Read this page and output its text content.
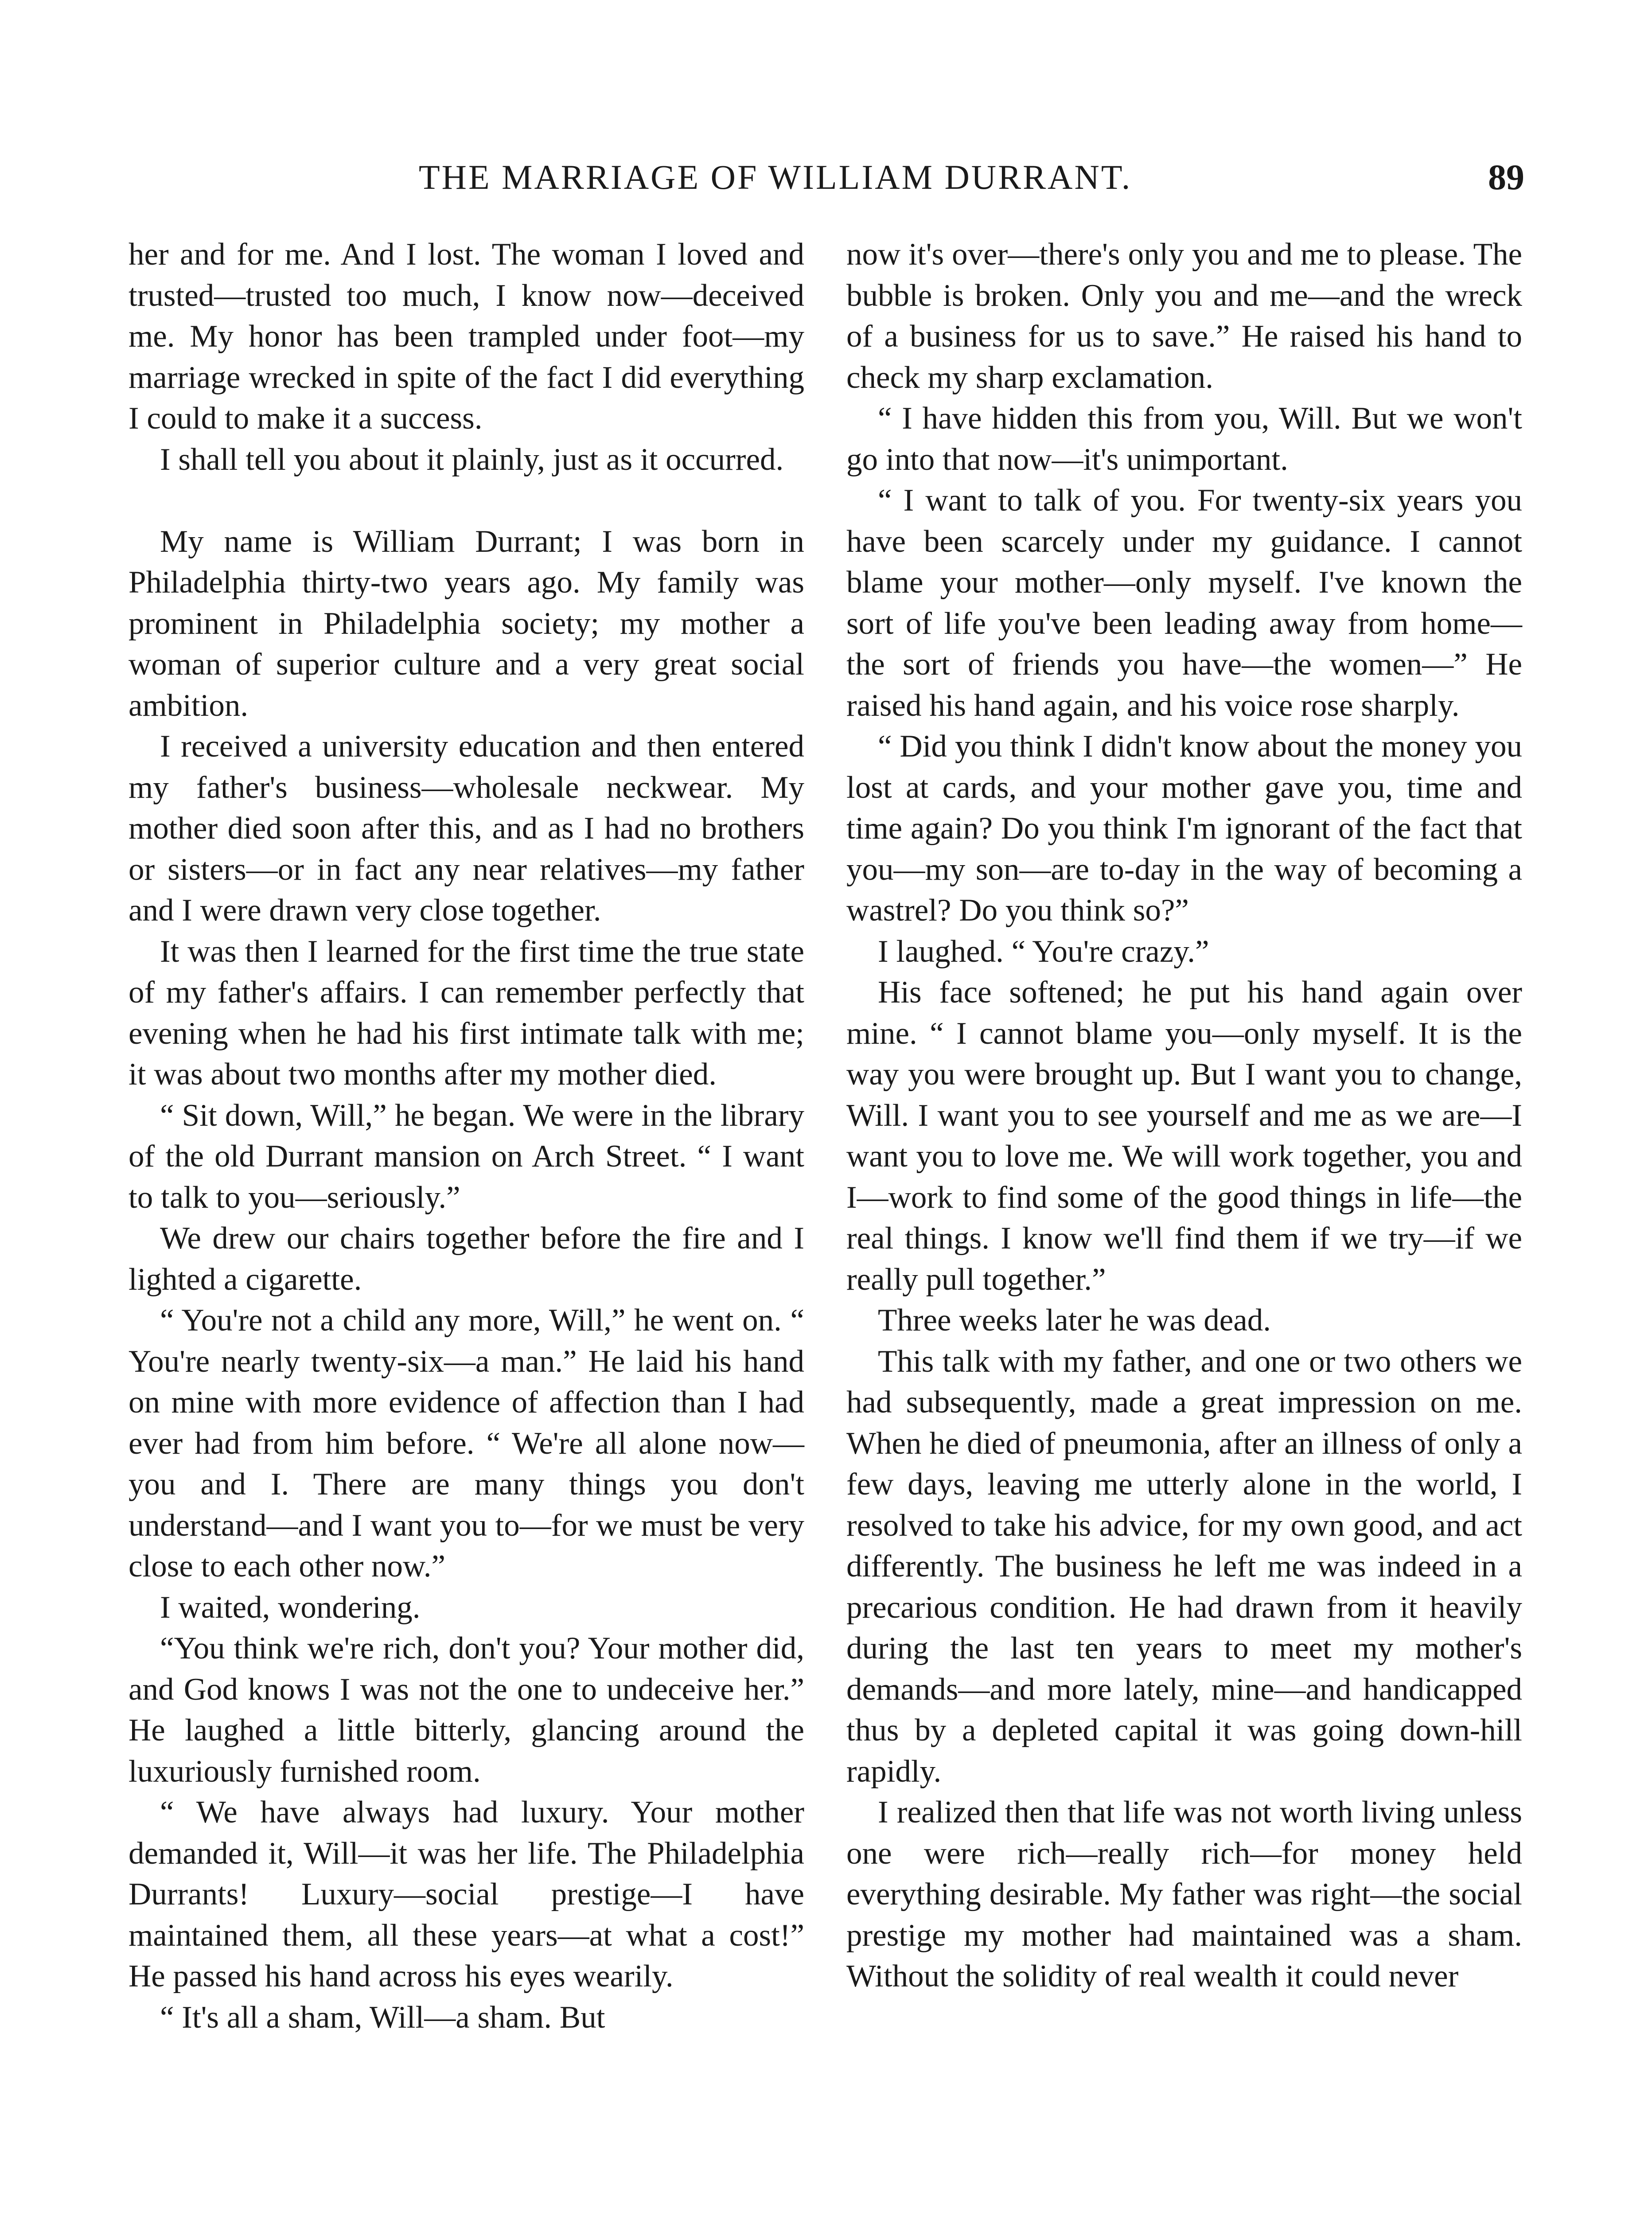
THE MARRIAGE OF WILLIAM DURRANT.	89

her and for me. And I lost. The woman I loved and trusted—trusted too much, I know now—deceived me. My honor has been trampled under foot—my marriage wrecked in spite of the fact I did everything I could to make it a success.

I shall tell you about it plainly, just as it occurred.

My name is William Durrant; I was born in Philadelphia thirty-two years ago. My family was prominent in Philadelphia society; my mother a woman of superior culture and a very great social ambition.

I received a university education and then entered my father's business—wholesale neckwear. My mother died soon after this, and as I had no brothers or sisters—or in fact any near relatives—my father and I were drawn very close together.

It was then I learned for the first time the true state of my father's affairs. I can remember perfectly that evening when he had his first intimate talk with me; it was about two months after my mother died.

“ Sit down, Will,” he began. We were in the library of the old Durrant mansion on Arch Street. “ I want to talk to you—seriously.”

We drew our chairs together before the fire and I lighted a cigarette.

“ You're not a child any more, Will,” he went on. “ You're nearly twenty-six—a man.” He laid his hand on mine with more evidence of affection than I had ever had from him before. “ We're all alone now—you and I. There are many things you don't understand—and I want you to—for we must be very close to each other now.”

I waited, wondering.

“You think we're rich, don't you? Your mother did, and God knows I was not the one to undeceive her.” He laughed a little bitterly, glancing around the luxuriously furnished room.

“ We have always had luxury. Your mother demanded it, Will—it was her life. The Philadelphia Durrants! Luxury—social prestige—I have maintained them, all these years—at what a cost!” He passed his hand across his eyes wearily.

“ It's all a sham, Will—a sham. But

now it's over—there's only you and me to please. The bubble is broken. Only you and me—and the wreck of a business for us to save.” He raised his hand to check my sharp exclamation.

“ I have hidden this from you, Will. But we won't go into that now—it's unimportant.

“ I want to talk of you. For twenty-six years you have been scarcely under my guidance. I cannot blame your mother—only myself. I've known the sort of life you've been leading away from home—the sort of friends you have—the women—” He raised his hand again, and his voice rose sharply.

“ Did you think I didn't know about the money you lost at cards, and your mother gave you, time and time again? Do you think I'm ignorant of the fact that you—my son—are to-day in the way of becoming a wastrel? Do you think so?”

I laughed. “ You're crazy.”

His face softened; he put his hand again over mine. “ I cannot blame you—only myself. It is the way you were brought up. But I want you to change, Will. I want you to see yourself and me as we are—I want you to love me. We will work together, you and I—work to find some of the good things in life—the real things. I know we'll find them if we try—if we really pull together.”

Three weeks later he was dead.

This talk with my father, and one or two others we had subsequently, made a great impression on me. When he died of pneumonia, after an illness of only a few days, leaving me utterly alone in the world, I resolved to take his advice, for my own good, and act differently. The business he left me was indeed in a precarious condition. He had drawn from it heavily during the last ten years to meet my mother's demands—and more lately, mine—and handicapped thus by a depleted capital it was going down-hill rapidly.

I realized then that life was not worth living unless one were rich—really rich—for money held everything desirable. My father was right—the social prestige my mother had maintained was a sham. Without the solidity of real wealth it could never
